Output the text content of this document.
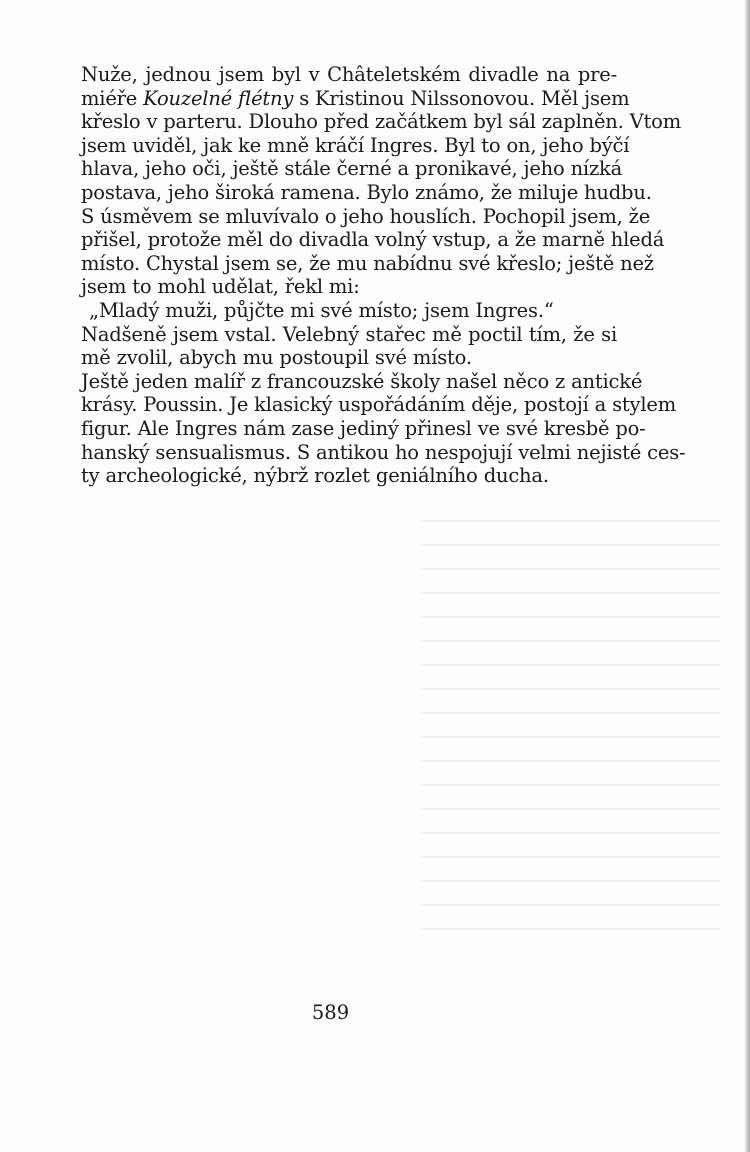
Nuže, jednou jsem byl v Châteletském divadle na pre-
miéře Kouzelné flétny s Kristinou Nilssonovou. Měl jsem
křeslo v parteru. Dlouho před začátkem byl sál zaplněn. Vtom
jsem uviděl, jak ke mně kráčí Ingres. Byl to on, jeho býčí
hlava, jeho oči, ještě stále černé a pronikavé, jeho nízká
postava, jeho široká ramena. Bylo známo, že miluje hudbu.
S úsměvem se mluvívalo o jeho houslích. Pochopil jsem, že
přišel, protože měl do divadla volný vstup, a že marně hledá
místo. Chystal jsem se, že mu nabídnu své křeslo; ještě než
jsem to mohl udělat, řekl mi:
„Mladý muži, půjčte mi své místo; jsem Ingres.“
Nadšeně jsem vstal. Velebný stařec mě poctil tím, že si
mě zvolil, abych mu postoupil své místo.
Ještě jeden malíř z francouzské školy našel něco z antické
krásy. Poussin. Je klasický uspořádáním děje, postojí a stylem
figur. Ale Ingres nám zase jediný přinesl ve své kresbě po-
hanský sensualismus. S antikou ho nespojují velmi nejisté ces-
ty archeologické, nýbrž rozlet geniálního ducha.
589
